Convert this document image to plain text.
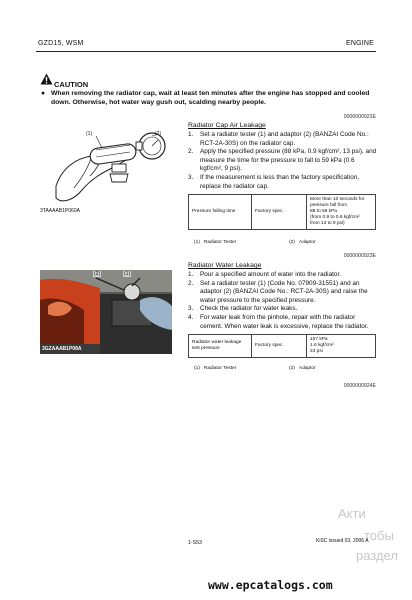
GZD15, WSM	ENGINE
CAUTION
● When removing the radiator cap, wait at least ten minutes after the engine has stopped and cooled down. Otherwise, hot water way gush out, scalding nearby people.
0000000922E
(1)	(2)
3TAAAAB1P060A
Radiator Cap Air Leakage
1.	Set a radiator tester (1) and adaptor (2) (BANZAI Code No.: RCT-2A-30S) on the radiator cap.
2.	Apply the specified pressure (88 kPa, 0.9 kgf/cm², 13 psi), and measure the time for the pressure to fall to 59 kPa (0.6 kgf/cm², 9 psi).
3.	If the measurement is less than the factory specification, replace the radiator cap.
Pressure falling time	Factory spec.	
More than 10 seconds for
pressure fall from
88 to 59 kPa
(from 0.9 to 0.6 kgf/cm²
from 13 to 9 psi)
(1) Radiator Tester	(2) Adaptor
0000000923E
(2)	(1)
3GZAAAB1P08A
Radiator Water Leakage
1.	Pour a specified amount of water into the radiator.
2.	Set a radiator tester (1) (Code No. 07909-31551) and an adaptor (2) (BANZAI Code No.: RCT-2A-30S) and raise the water pressure to the specified pressure.
3.	Check the radiator for water leaks.
4.	For water leak from the pinhole, repair with the radiator cement. When water leak is excessive, replace the radiator.
Radiator water leakage
test pressure
	Factory spec.	
157 kPa
1.6 kgf/cm²
23 psi
(1) Radiator Tester	(2) Adaptor
0000000924E
Акти
тобы
раздел
1-S53	KiSC issued 03, 2006 A
www.epcatalogs.com
